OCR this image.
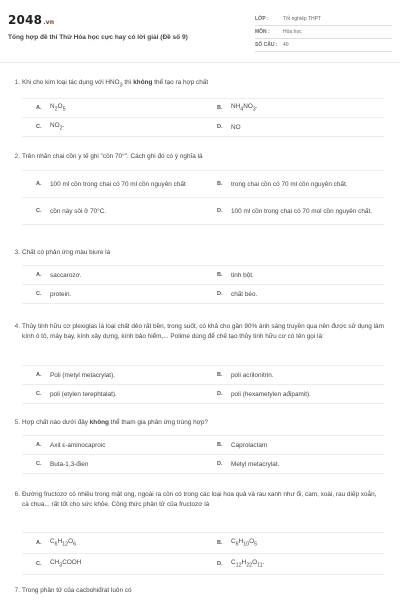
2048.vn
Tổng hợp đề thi Thử Hóa học cực hay có lời giải (Đề số 9)
LỚP :	Tốt nghiệp THPT
MÔN :	Hóa học
SỐ CÂU :	40
1. Khi cho kim loại tác dụng với $HNO_3$ thì không thể tạo ra hợp chất
A.	$N_2O_5$	B.	$NH_4NO_3$.
C.	$NO_2$.	D.	NO
2. Trên nhãn chai cồn y tế ghi "cồn 70°". Cách ghi đó có ý nghĩa là
A.	100 ml cồn trong chai có 70 ml cồn nguyên chất	B.	trong chai cồn có 70 ml cồn nguyên chất.
C.	cồn này sôi ở 70°C.	D.	100 ml cồn trong chai có 70 mol cồn nguyên chất.
3. Chất có phản ứng màu biure là
A.	saccarozơ.	B.	tinh bột.
C.	protein.	D.	chất béo.
4. Thủy tinh hữu cơ plexiglas là loại chất dẻo rất bền, trong suốt, có khả cho gần 90% ánh sáng truyền qua nên được sử dụng làm kính ô tô, máy bay, kính xây dựng, kính bảo hiểm,... Polime dùng để chế tạo thủy tinh hữu cơ có tên gọi là:
A.	Poli (metyl metacrylat).	B.	poli acrilonitrin.
C.	poli (etylen terephtalat).	D.	poli (hexametylen ađipamit).
5. Hợp chất nào dưới đây không thể tham gia phản ứng trùng hợp?
A.	Axit ε-aminocaproic	B.	Caprolactam
C.	Buta-1,3-đien	D.	Metyl metacrylat.
6. Đường fructozơ có nhiều trong mật ong, ngoài ra còn có trong các loại hoa quả và rau xanh như ổi, cam, xoài, rau diếp xoắn, cà chua... rất tốt cho sức khỏe. Công thức phân tử của fructozơ là
A.	$C_6H_{12}O_6$	B.	$C_6H_{10}O_5$
C.	$CH_3COOH$	D.	$C_{12}H_{22}O_{11}$.
7. Trong phân tử của cacbohiđrat luôn có
